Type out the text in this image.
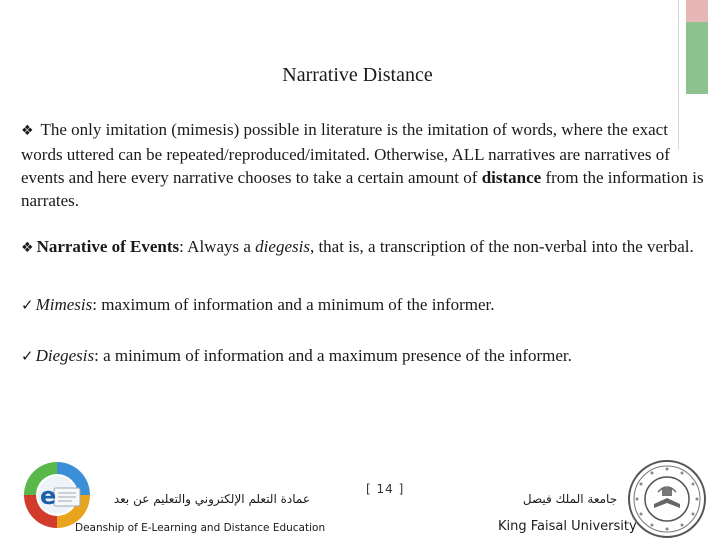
Narrative Distance

❖ The only imitation (mimesis) possible in literature is the imitation of words, where the exact words uttered can be repeated/reproduced/imitated. Otherwise, ALL narratives are narratives of events and here every narrative chooses to take a certain amount of distance from the information is narrates.

❖ Narrative of Events: Always a diegesis, that is, a transcription of the non-verbal into the verbal.

✓ Mimesis: maximum of information and a minimum of the informer.

✓ Diegesis: a minimum of information and a maximum presence of the informer.

e	عمادة التعلم الإلكتروني والتعليم عن بعد
Deanship of E-Learning and Distance Education
[ 14 ]
جامعة الملك فيصل
King Faisal University
